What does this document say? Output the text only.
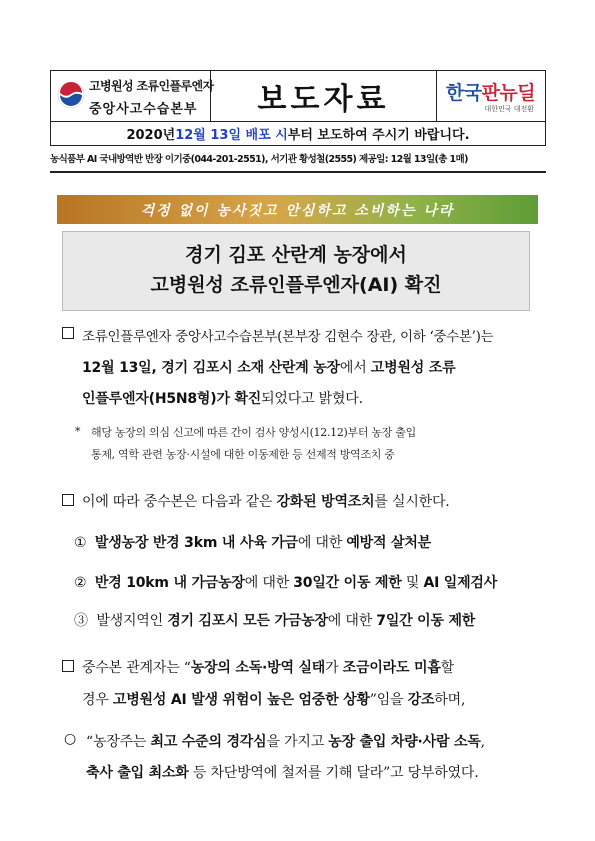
고병원성 조류인플루엔자
중앙사고수습본부	보도자료	한국판뉴딜
대한민국 대전환
2020년 12월 13일 배포 시 부터 보도하여 주시기 바랍니다.
농식품부 AI 국내방역반 반장 이기중(044-201-2551), 서기관 황성철(2555) 제공일: 12월 13일(총 1매)
걱정 없이 농사짓고 안심하고 소비하는 나라
경기 김포 산란계 농장에서
고병원성 조류인플루엔자(AI) 확진
조류인플루엔자 중앙사고수습본부(본부장 김현수 장관, 이하 ‘중수본’)는
12월 13일, 경기 김포시 소재 산란계 농장에서 고병원성 조류
인플루엔자(H5N8형)가 확진되었다고 밝혔다.
* 해당 농장의 의심 신고에 따른 간이 검사 양성시(12.12)부터 농장 출입
통제, 역학 관련 농장·시설에 대한 이동제한 등 선제적 방역조치 중
이에 따라 중수본은 다음과 같은 강화된 방역조치를 실시한다.
① 발생농장 반경 3km 내 사육 가금에 대한 예방적 살처분
② 반경 10km 내 가금농장에 대한 30일간 이동 제한 및 AI 일제검사
③ 발생지역인 경기 김포시 모든 가금농장에 대한 7일간 이동 제한
중수본 관계자는 “농장의 소독·방역 실태가 조금이라도 미흡할
경우 고병원성 AI 발생 위험이 높은 엄중한 상황”임을 강조하며,
○ “농장주는 최고 수준의 경각심을 가지고 농장 출입 차량·사람 소독,
축사 출입 최소화 등 차단방역에 철저를 기해 달라”고 당부하였다.
